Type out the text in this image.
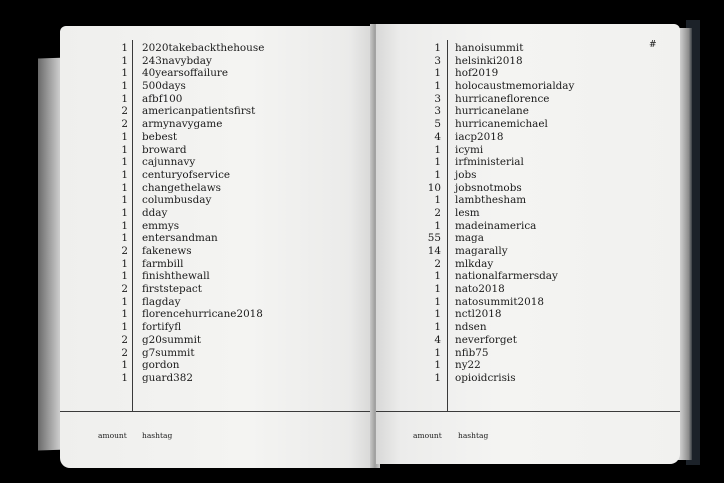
1 2020takebackthehouse
1 243navybday
1 40yearsoffailure
1 500days
1 afbf100
2 americanpatientsfirst
2 armynavygame
1 bebest
1 broward
1 cajunnavy
1 centuryofservice
1 changethelaws
1 columbusday
1 dday
1 emmys
1 entersandman
2 fakenews
1 farmbill
1 finishthewall
2 firststepact
1 flagday
1 florencehurricane2018
1 fortifyfl
2 g20summit
2 g7summit
1 gordon
1 guard382
amount hashtag
#
1 hanoisummit
3 helsinki2018
1 hof2019
1 holocaustmemorialday
3 hurricaneflorence
3 hurricanelane
5 hurricanemichael
4 iacp2018
1 icymi
1 irfministerial
1 jobs
10 jobsnotmobs
1 lambthesham
2 lesm
1 madeinamerica
55 maga
14 magarally
2 mlkday
1 nationalfarmersday
1 nato2018
1 natosummit2018
1 nctl2018
1 ndsen
4 neverforget
1 nfib75
1 ny22
1 opioidcrisis
amount hashtag
